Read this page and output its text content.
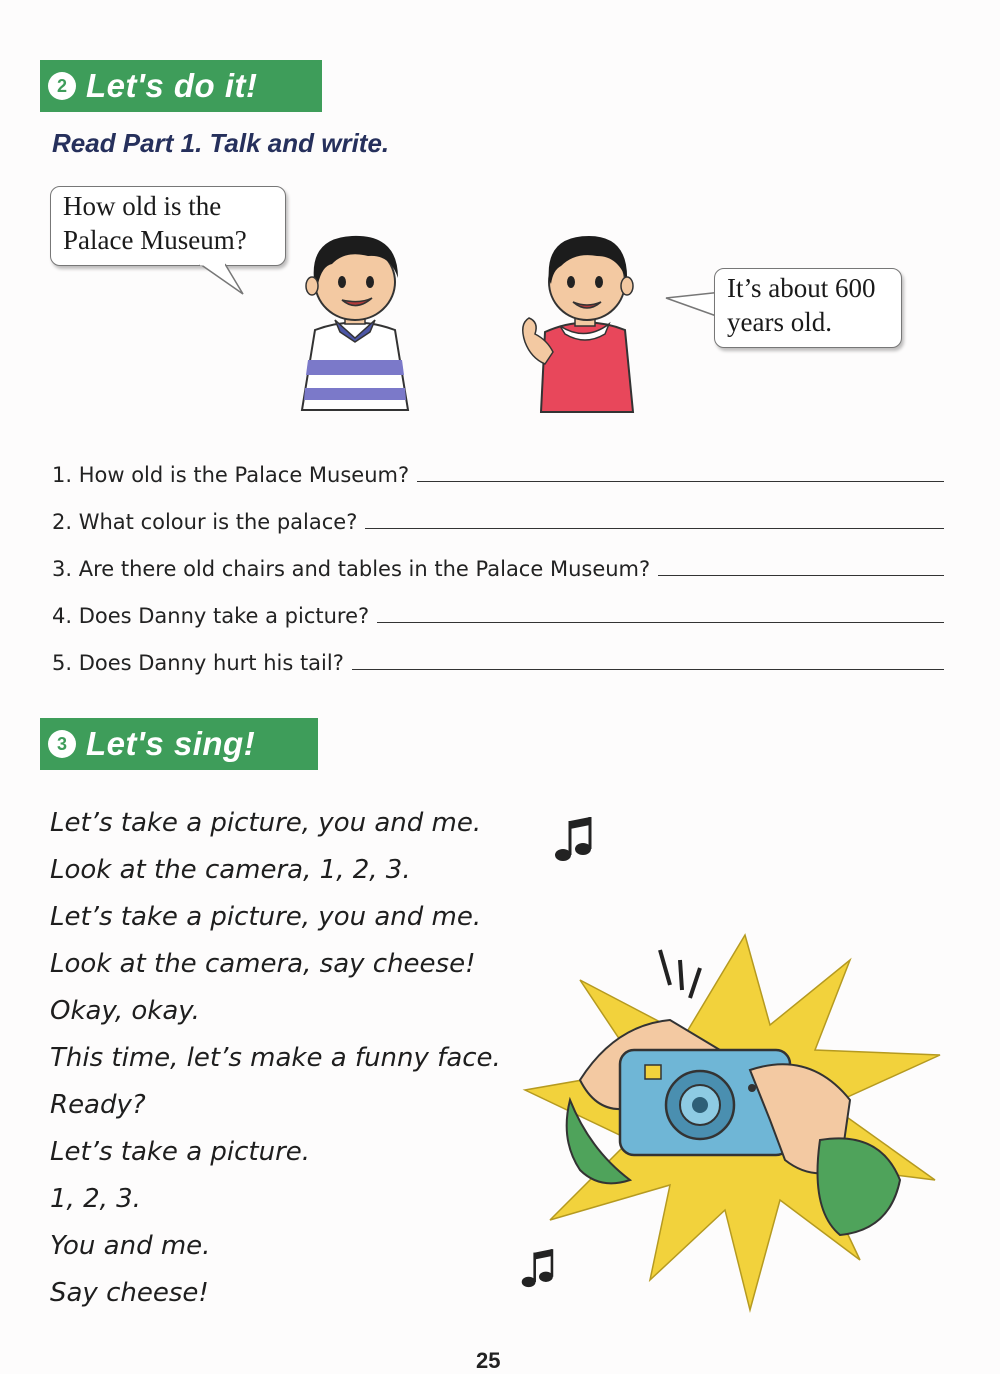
2 Let's do it!
Read Part 1. Talk and write.
How old is the
Palace Museum?
It’s about 600
years old.
1. How old is the Palace Museum?
2. What colour is the palace?
3. Are there old chairs and tables in the Palace Museum?
4. Does Danny take a picture?
5. Does Danny hurt his tail?
3 Let's sing!
Let’s take a picture, you and me.
Look at the camera, 1, 2, 3.
Let’s take a picture, you and me.
Look at the camera, say cheese!
Okay, okay.
This time, let’s make a funny face.
Ready?
Let’s take a picture.
1, 2, 3.
You and me.
Say cheese!
25
